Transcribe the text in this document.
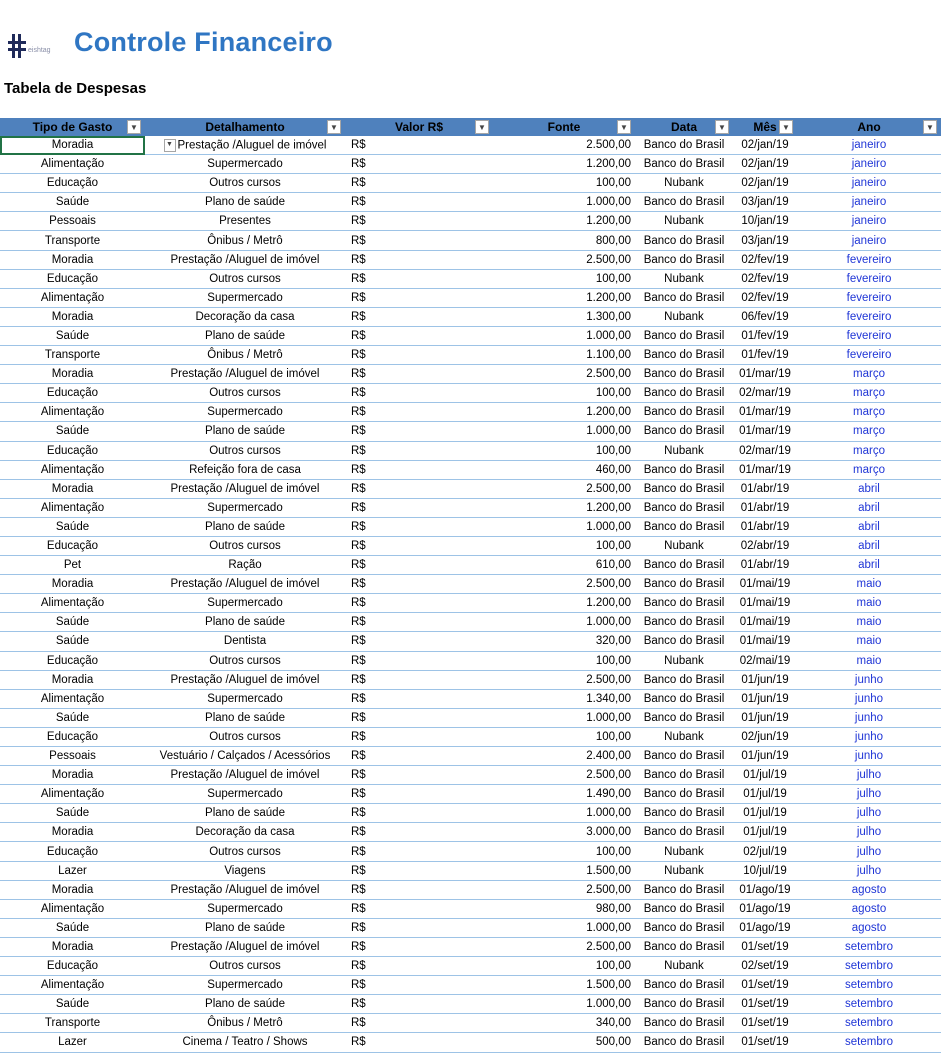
eishtag Controle Financeiro
Tabela de Despesas
Tipo de Gasto ▼	Detalhamento ▼	Valor R$ ▼	Fonte ▼	Data ▼	Mês ▼	Ano ▼	

Moradia	▼ Prestação /Aluguel de imóvel	R$	2.500,00	Banco do Brasil	02/jan/19	janeiro	
Alimentação	Supermercado	R$	1.200,00	Banco do Brasil	02/jan/19	janeiro	
Educação	Outros cursos	R$	100,00	Nubank	02/jan/19	janeiro	
Saúde	Plano de saúde	R$	1.000,00	Banco do Brasil	03/jan/19	janeiro	
Pessoais	Presentes	R$	1.200,00	Nubank	10/jan/19	janeiro	
Transporte	Ônibus / Metrô	R$	800,00	Banco do Brasil	03/jan/19	janeiro	
Moradia	Prestação /Aluguel de imóvel	R$	2.500,00	Banco do Brasil	02/fev/19	fevereiro	
Educação	Outros cursos	R$	100,00	Nubank	02/fev/19	fevereiro	
Alimentação	Supermercado	R$	1.200,00	Banco do Brasil	02/fev/19	fevereiro	
Moradia	Decoração da casa	R$	1.300,00	Nubank	06/fev/19	fevereiro	
Saúde	Plano de saúde	R$	1.000,00	Banco do Brasil	01/fev/19	fevereiro	
Transporte	Ônibus / Metrô	R$	1.100,00	Banco do Brasil	01/fev/19	fevereiro	
Moradia	Prestação /Aluguel de imóvel	R$	2.500,00	Banco do Brasil	01/mar/19	março	
Educação	Outros cursos	R$	100,00	Banco do Brasil	02/mar/19	março	
Alimentação	Supermercado	R$	1.200,00	Banco do Brasil	01/mar/19	março	
Saúde	Plano de saúde	R$	1.000,00	Banco do Brasil	01/mar/19	março	
Educação	Outros cursos	R$	100,00	Nubank	02/mar/19	março	
Alimentação	Refeição fora de casa	R$	460,00	Banco do Brasil	01/mar/19	março	
Moradia	Prestação /Aluguel de imóvel	R$	2.500,00	Banco do Brasil	01/abr/19	abril	
Alimentação	Supermercado	R$	1.200,00	Banco do Brasil	01/abr/19	abril	
Saúde	Plano de saúde	R$	1.000,00	Banco do Brasil	01/abr/19	abril	
Educação	Outros cursos	R$	100,00	Nubank	02/abr/19	abril	
Pet	Ração	R$	610,00	Banco do Brasil	01/abr/19	abril	
Moradia	Prestação /Aluguel de imóvel	R$	2.500,00	Banco do Brasil	01/mai/19	maio	
Alimentação	Supermercado	R$	1.200,00	Banco do Brasil	01/mai/19	maio	
Saúde	Plano de saúde	R$	1.000,00	Banco do Brasil	01/mai/19	maio	
Saúde	Dentista	R$	320,00	Banco do Brasil	01/mai/19	maio	
Educação	Outros cursos	R$	100,00	Nubank	02/mai/19	maio	
Moradia	Prestação /Aluguel de imóvel	R$	2.500,00	Banco do Brasil	01/jun/19	junho	
Alimentação	Supermercado	R$	1.340,00	Banco do Brasil	01/jun/19	junho	
Saúde	Plano de saúde	R$	1.000,00	Banco do Brasil	01/jun/19	junho	
Educação	Outros cursos	R$	100,00	Nubank	02/jun/19	junho	
Pessoais	Vestuário / Calçados / Acessórios	R$	2.400,00	Banco do Brasil	01/jun/19	junho	
Moradia	Prestação /Aluguel de imóvel	R$	2.500,00	Banco do Brasil	01/jul/19	julho	
Alimentação	Supermercado	R$	1.490,00	Banco do Brasil	01/jul/19	julho	
Saúde	Plano de saúde	R$	1.000,00	Banco do Brasil	01/jul/19	julho	
Moradia	Decoração da casa	R$	3.000,00	Banco do Brasil	01/jul/19	julho	
Educação	Outros cursos	R$	100,00	Nubank	02/jul/19	julho	
Lazer	Viagens	R$	1.500,00	Nubank	10/jul/19	julho	
Moradia	Prestação /Aluguel de imóvel	R$	2.500,00	Banco do Brasil	01/ago/19	agosto	
Alimentação	Supermercado	R$	980,00	Banco do Brasil	01/ago/19	agosto	
Saúde	Plano de saúde	R$	1.000,00	Banco do Brasil	01/ago/19	agosto	
Moradia	Prestação /Aluguel de imóvel	R$	2.500,00	Banco do Brasil	01/set/19	setembro	
Educação	Outros cursos	R$	100,00	Nubank	02/set/19	setembro	
Alimentação	Supermercado	R$	1.500,00	Banco do Brasil	01/set/19	setembro	
Saúde	Plano de saúde	R$	1.000,00	Banco do Brasil	01/set/19	setembro	
Transporte	Ônibus / Metrô	R$	340,00	Banco do Brasil	01/set/19	setembro	
Lazer	Cinema / Teatro / Shows	R$	500,00	Banco do Brasil	01/set/19	setembro	
